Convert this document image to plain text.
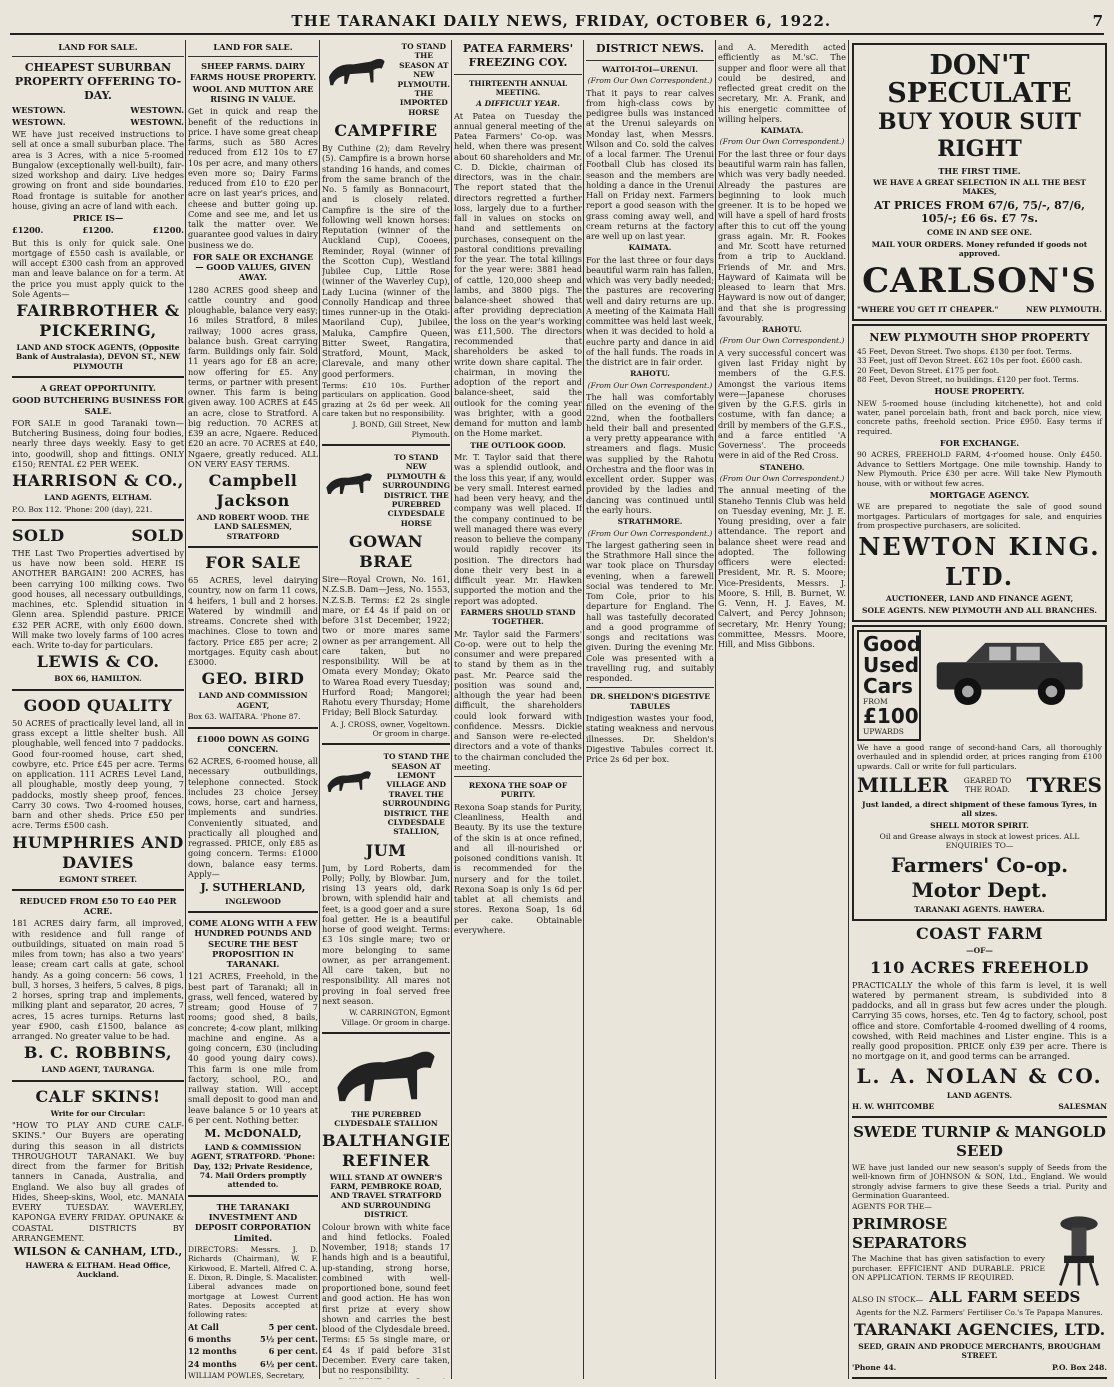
THE TARANAKI DAILY NEWS, FRIDAY, OCTOBER 6, 1922.	7
LAND FOR SALE.
CHEAPEST SUBURBAN PROPERTY OFFERING TO-DAY.
WESTOWN.	WESTOWN.
WESTOWN.	WESTOWN.
WE have just received instructions to sell at once a small suburban place. The area is 3 Acres, with a nice 5-roomed Bungalow (exceptionally well-built), fair-sized workshop and dairy. Live hedges growing on front and side boundaries. Road frontage is suitable for another house, giving an acre of land with each.
PRICE IS—
£1200.	£1200.	£1200.
But this is only for quick sale. One mortgage of £550 cash is available, or will accept £300 cash from an approved man and leave balance on for a term. At the price you must apply quick to the Sole Agents—
FAIRBROTHER & PICKERING,
LAND AND STOCK AGENTS, (Opposite Bank of Australasia), DEVON ST., NEW PLYMOUTH
A GREAT OPPORTUNITY.
GOOD BUTCHERING BUSINESS FOR SALE.
FOR SALE in good Taranaki town—Butchering Business, doing four bodies, nearly three days weekly. Easy to get into, goodwill, shop and fittings. ONLY £150; RENTAL £2 PER WEEK.
HARRISON & CO.,
LAND AGENTS, ELTHAM.
P.O. Box 112. 'Phone: 200 (day), 221.
SOLD	SOLD
THE Last Two Properties advertised by us have now been sold. HERE IS ANOTHER BARGAIN! 200 ACRES, has been carrying 100 milking cows. Two good houses, all necessary outbuildings, machines, etc. Splendid situation in Glenn area. Splendid pasture. PRICE £32 PER ACRE, with only £600 down. Will make two lovely farms of 100 acres each. Write to-day for particulars.
LEWIS & CO.
BOX 66, HAMILTON.
GOOD QUALITY
50 ACRES of practically level land, all in grass except a little shelter bush. All ploughable, well fenced into 7 paddocks. Good four-roomed house, cart shed, cowbyre, etc. Price £45 per acre. Terms on application. 111 ACRES Level Land, all ploughable, mostly deep young, 7 paddocks, mostly sheep proof, fences. Carry 30 cows. Two 4-roomed houses, barn and other sheds. Price £50 per acre. Terms £500 cash.
HUMPHRIES AND DAVIES
EGMONT STREET.
REDUCED FROM £50 TO £40 PER ACRE.
181 ACRES dairy farm, all improved, with residence and full range of outbuildings, situated on main road 5 miles from town; has also a two years' lease; cream cart calls at gate, school handy. As a going concern: 56 cows, 1 bull, 3 horses, 3 heifers, 5 calves, 8 pigs, 2 horses, spring trap and implements, milking plant and separator, 20 acres, 7 acres, 15 acres turnips. Returns last year £900, cash £1500, balance as arranged. No greater value to be had.
B. C. ROBBINS,
LAND AGENT, TAURANGA.
CALF SKINS!
Write for our Circular:
"HOW TO PLAY AND CURE CALF-SKINS." Our Buyers are operating during this season in all districts THROUGHOUT TARANAKI. We buy direct from the farmer for British tanners in Canada, Australia, and England. We also buy all grades of Hides, Sheep-skins, Wool, etc. MANAIA EVERY TUESDAY. WAVERLEY, KAPONGA EVERY FRIDAY. OPUNAKE & COASTAL DISTRICTS BY ARRANGEMENT.
WILSON & CANHAM, LTD.,
HAWERA & ELTHAM. Head Office, Auckland.
LAND FOR SALE.
SHEEP FARMS. DAIRY FARMS HOUSE PROPERTY.
WOOL AND MUTTON ARE RISING IN VALUE.
Get in quick and reap the benefit of the reductions in price. I have some great cheap farms, such as 580 Acres reduced from £12 10s to £7 10s per acre, and many others even more so; Dairy Farms reduced from £10 to £20 per acre on last year's prices, and cheese and butter going up. Come and see me, and let us talk the matter over. We guarantee good values in dairy business we do.
FOR SALE OR EXCHANGE — GOOD VALUES, GIVEN AWAY.
1280 ACRES good sheep and cattle country and good ploughable, balance very easy; 16 miles Stratford, 8 miles railway; 1000 acres grass, balance bush. Great carrying farm. Buildings only fair. Sold 11 years ago for £8 an acre; now offering for £5. Any terms, or partner with present owner. This farm is being given away. 100 ACRES at £45 an acre, close to Stratford. A big reduction. 70 ACRES at £39 an acre, Ngaere. Reduced £20 an acre. 70 ACRES at £40, Ngaere, greatly reduced. ALL ON VERY EASY TERMS.
Campbell Jackson
AND ROBERT WOOD. THE LAND SALESMEN, STRATFORD
FOR SALE
65 ACRES, level dairying country, now on farm 11 cows, 4 heifers, 1 bull and 2 horses. Watered by windmill and streams. Concrete shed with machines. Close to town and factory. Price £85 per acre; 2 mortgages. Equity cash about £3000.
GEO. BIRD
LAND AND COMMISSION AGENT,
Box 63. WAITARA. 'Phone 87.
£1000 DOWN AS GOING CONCERN.
62 ACRES, 6-roomed house, all necessary outbuildings, telephone connected. Stock includes 23 choice Jersey cows, horse, cart and harness, implements and sundries. Conveniently situated, and practically all ploughed and regrassed. PRICE, only £85 as going concern. Terms: £1000 down, balance easy terms. Apply—
J. SUTHERLAND,
INGLEWOOD
COME ALONG WITH A FEW HUNDRED POUNDS AND SECURE THE BEST PROPOSITION IN TARANAKI.
121 ACRES, Freehold, in the best part of Taranaki; all in grass, well fenced, watered by stream; good House of 7 rooms; good shed, 8 bails, concrete; 4-cow plant, milking machine and engine. As a going concern, £30 (including 40 good young dairy cows). This farm is one mile from factory, school, P.O., and railway station. Will accept small deposit to good man and leave balance 5 or 10 years at 6 per cent. Nothing better.
M. McDONALD,
LAND & COMMISSION AGENT, STRATFORD. 'Phone: Day, 132; Private Residence, 74. Mail Orders promptly attended to.
THE TARANAKI INVESTMENT AND DEPOSIT CORPORATION Limited.
DIRECTORS: Messrs. J. D. Richards (Chairman), W. F. Kirkwood, E. Martell, Alfred C. A. E. Dixon, R. Dingle, S. Macalister. Liberal advances made on mortgage at Lowest Current Rates. Deposits accepted at following rates:
At Call	5 per cent.
6 months	5½ per cent.
12 months	6 per cent.
24 months	6½ per cent.
WILLIAM POWLES, Secretary,
TO STAND THE SEASON AT NEW PLYMOUTH. THE IMPORTED HORSE
CAMPFIRE
By Cuthine (2); dam Revelry (5). Campfire is a brown horse standing 16 hands, and comes from the same branch of the No. 5 family as Bonnacourt, and is closely related. Campfire is the sire of the following well known horses: Reputation (winner of the Auckland Cup), Cooees, Reminder, Royal (winner of the Scotton Cup), Westland Jubilee Cup, Little Rose (winner of the Waverley Cup), Lady Lucina (winner of the Connolly Handicap and three times runner-up in the Otaki-Maoriland Cup), Jubilee, Maluka, Campfire Queen, Bitter Sweet, Rangatira, Stratford, Mount, Mack, Clarevale, and many other good performers.
Terms: £10 10s. Further particulars on application. Good grazing at 2s 6d per week. All care taken but no responsibility.
J. BOND, Gill Street, New Plymouth.
TO STAND NEW PLYMOUTH & SURROUNDING DISTRICT. THE PUREBRED CLYDESDALE HORSE
GOWAN BRAE
Sire—Royal Crown, No. 161, N.Z.S.B. Dam—Jess, No. 1553, N.Z.S.B. Terms: £2 2s single mare, or £4 4s if paid on or before 31st December, 1922; two or more mares same owner as per arrangement. All care taken, but no responsibility. Will be at Omata every Monday; Okato to Warea Road every Tuesday; Hurford Road; Mangorei; Rahotu every Thursday; Home Friday; Bell Block Saturday.
A. J. CROSS, owner, Vogeltown. Or groom in charge.
TO STAND THE SEASON AT LEMONT VILLAGE AND TRAVEL THE SURROUNDING DISTRICT. THE CLYDESDALE STALLION,
JUM
Jum, by Lord Roberts, dam Polly; Polly, by Blowbar. Jum, rising 13 years old, dark brown, with splendid hair and feet, is a good goer and a sure foal getter. He is a beautiful horse of good weight. Terms: £3 10s single mare; two or more belonging to same owner, as per arrangement. All care taken, but no responsibility. All mares not proving in foal served free next season.
W. CARRINGTON, Egmont Village. Or groom in charge.
THE PUREBRED CLYDESDALE STALLION
BALTHANGIE REFINER
WILL STAND AT OWNER'S FARM, PEMBROKE ROAD, AND TRAVEL STRATFORD AND SURROUNDING DISTRICT.
Colour brown with white face and hind fetlocks. Foaled November, 1918; stands 17 hands high and is a beautiful, up-standing, strong horse, combined with well-proportioned bone, sound feet and good action. He has won first prize at every show shown and carries the best blood of the Clydesdale breed. Terms: £5 5s single mare, or £4 4s if paid before 31st December. Every care taken, but no responsibility.
PATEA FARMERS' FREEZING COY.
THIRTEENTH ANNUAL MEETING.
A DIFFICULT YEAR.
At Patea on Tuesday the annual general meeting of the Patea Farmers' Co-op. was held, when there was present about 60 shareholders and Mr. C. D. Dickie, chairman of directors, was in the chair. The report stated that the directors regretted a further loss, largely due to a further fall in values on stocks on hand and settlements on purchases, consequent on the pastoral conditions prevailing for the year. The total killings for the year were: 3881 head of cattle, 120,000 sheep and lambs, and 3800 pigs. The balance-sheet showed that after providing depreciation the loss on the year's working was £11,500. The directors recommended that shareholders be asked to write down share capital. The chairman, in moving the adoption of the report and balance-sheet, said the outlook for the coming year was brighter, with a good demand for mutton and lamb on the Home market.
THE OUTLOOK GOOD.
Mr. T. Taylor said that there was a splendid outlook, and the loss this year, if any, would be very small. Interest earned had been very heavy, and the company was well placed. If the company continued to be well managed there was every reason to believe the company would rapidly recover its position. The directors had done their very best in a difficult year. Mr. Hawken supported the motion and the report was adopted.
FARMERS SHOULD STAND TOGETHER.
Mr. Taylor said the Farmers' Co-op. were out to help the consumer and were prepared to stand by them as in the past. Mr. Pearce said the position was sound and, although the year had been difficult, the shareholders could look forward with confidence. Messrs. Dickie and Sanson were re-elected directors and a vote of thanks to the chairman concluded the meeting.
REXONA THE SOAP OF PURITY.
Rexona Soap stands for Purity, Cleanliness, Health and Beauty. By its use the texture of the skin is at once refined, and all ill-nourished or poisoned conditions vanish. It is recommended for the nursery and for the toilet. Rexona Soap is only 1s 6d per tablet at all chemists and stores. Rexona Soap, 1s 6d per cake. Obtainable everywhere.
DISTRICT NEWS.
WAITOI-TOI—URENUI.
(From Our Own Correspondent.)
That it pays to rear calves from high-class cows by pedigree bulls was instanced at the Urenui saleyards on Monday last, when Messrs. Wilson and Co. sold the calves of a local farmer. The Urenui Football Club has closed its season and the members are holding a dance in the Urenui Hall on Friday next. Farmers report a good season with the grass coming away well, and cream returns at the factory are well up on last year.
KAIMATA.
For the last three or four days beautiful warm rain has fallen, which was very badly needed; the pastures are recovering well and dairy returns are up. A meeting of the Kaimata Hall committee was held last week, when it was decided to hold a euchre party and dance in aid of the hall funds. The roads in the district are in fair order.
RAHOTU.
(From Our Own Correspondent.)
The hall was comfortably filled on the evening of the 22nd, when the footballers held their ball and presented a very pretty appearance with streamers and flags. Music was supplied by the Rahotu Orchestra and the floor was in excellent order. Supper was provided by the ladies and dancing was continued until the early hours.
STRATHMORE.
(From Our Own Correspondent.)
The largest gathering seen in the Strathmore Hall since the war took place on Thursday evening, when a farewell social was tendered to Mr. Tom Cole, prior to his departure for England. The hall was tastefully decorated and a good programme of songs and recitations was given. During the evening Mr. Cole was presented with a travelling rug, and suitably responded.
DR. SHELDON'S DIGESTIVE TABULES
Indigestion wastes your food, stating weakness and nervous illnesses. Dr. Sheldon's Digestive Tabules correct it. Price 2s 6d per box.
and A. Meredith acted efficiently as M.'sC. The supper and floor were all that could be desired, and reflected great credit on the secretary, Mr. A. Frank, and his energetic committee of willing helpers.
KAIMATA.
(From Our Own Correspondent.)
For the last three or four days beautiful warm rain has fallen, which was very badly needed. Already the pastures are beginning to look much greener. It is to be hoped we will have a spell of hard frosts after this to cut off the young grass again. Mr. R. Fookes and Mr. Scott have returned from a trip to Auckland. Friends of Mr. and Mrs. Hayward of Kaimata will be pleased to learn that Mrs. Hayward is now out of danger, and that she is progressing favourably.
RAHOTU.
(From Our Own Correspondent.)
A very successful concert was given last Friday night by members of the G.F.S. Amongst the various items were—Japanese choruses given by the G.F.S. girls in costume, with fan dance; a drill by members of the G.F.S., and a farce entitled 'A Governess'. The proceeds were in aid of the Red Cross.
STANEHO.
(From Our Own Correspondent.)
The annual meeting of the Staneho Tennis Club was held on Tuesday evening, Mr. J. E. Young presiding, over a fair attendance. The report and balance sheet were read and adopted. The following officers were elected: President, Mr. R. S. Moore; Vice-Presidents, Messrs. J. Moore, S. Hill, B. Burnet, W. G. Venn, H. J. Eaves, M. Calvert, and Percy Johnson; secretary, Mr. Henry Young; committee, Messrs. Moore, Hill, and Miss Gibbons.
DON'T SPECULATE
BUY YOUR SUIT RIGHT
THE FIRST TIME.
WE HAVE A GREAT SELECTION IN ALL THE BEST MAKES,
AT PRICES FROM 67/6, 75/-, 87/6, 105/-; £6 6s. £7 7s.
COME IN AND SEE ONE.
MAIL YOUR ORDERS. Money refunded if goods not approved.
CARLSON'S
"WHERE YOU GET IT CHEAPER."	NEW PLYMOUTH.
NEW PLYMOUTH SHOP PROPERTY
45 Feet, Devon Street. Two shops. £130 per foot. Terms.
33 Feet, just off Devon Street. £62 10s per foot. £600 cash.
20 Feet, Devon Street. £175 per foot.
88 Feet, Devon Street, no buildings. £120 per foot. Terms.
HOUSE PROPERTY.
NEW 5-roomed house (including kitchenette), hot and cold water, panel porcelain bath, front and back porch, nice view, concrete paths, freehold section. Price £950. Easy terms if required.
FOR EXCHANGE.
90 ACRES, FREEHOLD FARM, 4-r'oomed house. Only £450. Advance to Settlers Mortgage. One mile township. Handy to New Plymouth. Price £30 per acre. Will take New Plymouth house, with or without few acres.
MORTGAGE AGENCY.
WE are prepared to negotiate the sale of good sound mortgages. Particulars of mortgages for sale, and enquiries from prospective purchasers, are solicited.
NEWTON KING. LTD.
AUCTIONEER, LAND AND FINANCE AGENT,
SOLE AGENTS. NEW PLYMOUTH AND ALL BRANCHES.
Good
Used
Cars
FROM
£100
UPWARDS
We have a good range of second-hand Cars, all thoroughly overhauled and in splendid order, at prices ranging from £100 upwards. Call or write for full particulars.
MILLER	GEARED TO THE ROAD. TYRES
Just landed, a direct shipment of these famous Tyres, in all sizes.
SHELL MOTOR SPIRIT.
Oil and Grease always in stock at lowest prices. ALL ENQUIRIES TO—
Farmers' Co-op. Motor Dept.
TARANAKI AGENTS. HAWERA.
COAST FARM
—OF—
110 ACRES FREEHOLD
PRACTICALLY the whole of this farm is level, it is well watered by permanent stream, is subdivided into 8 paddocks, and all in grass but few acres under the plough. Carrying 35 cows, horses, etc. Ten 4g to factory, school, post office and store. Comfortable 4-roomed dwelling of 4 rooms, cowshed, with Reid machines and Lister engine. This is a really good proposition. PRICE only £39 per acre. There is no mortgage on it, and good terms can be arranged.
L. A. NOLAN & CO.
LAND AGENTS.
H. W. WHITCOMBE	SALESMAN
SWEDE TURNIP & MANGOLD SEED
WE have just landed our new season's supply of Seeds from the well-known firm of JOHNSON & SON, Ltd., England. We would strongly advise farmers to give these Seeds a trial. Purity and Germination Guaranteed.
AGENTS FOR THE—
PRIMROSE SEPARATORS
The Machine that has given satisfaction to every purchaser. EFFICIENT AND DURABLE. PRICE ON APPLICATION. TERMS IF REQUIRED.
ALSO IN STOCK— ALL FARM SEEDS
Agents for the N.Z. Farmers' Fertiliser Co.'s Te Papapa Manures.
TARANAKI AGENCIES, LTD.
SEED, GRAIN AND PRODUCE MERCHANTS, BROUGHAM STREET.
'Phone 44.	P.O. Box 248.
